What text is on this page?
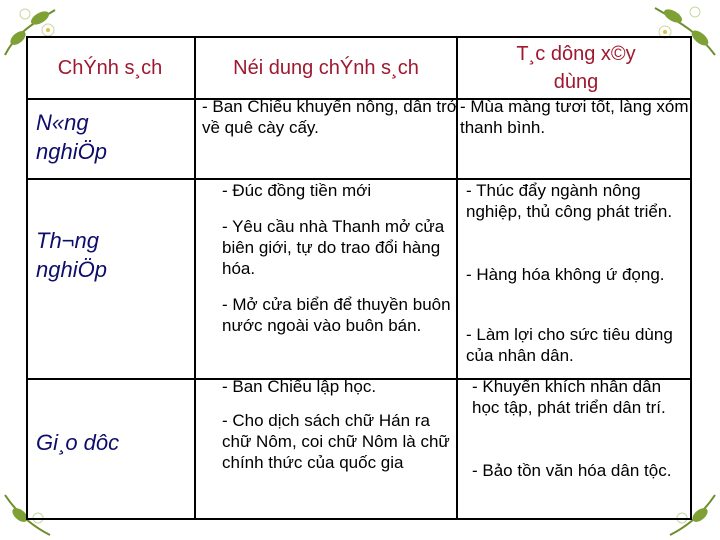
ChÝnh s¸ch	Néi dung chÝnh s¸ch
T¸c dông x©y dùng
N«ng nghiÖp
- Ban Chiếu khuyến nông, dân trở về quê cày cấy.
- Mùa màng tươi tốt, làng xóm thanh bình.
Th¬ng nghiÖp
- Đúc đồng tiền mới
- Yêu cầu nhà Thanh mở cửa biên giới, tự do trao đổi hàng hóa.
- Mở cửa biển để thuyền buôn nước ngoài vào buôn bán.
- Thúc đẩy ngành nông nghiệp, thủ công phát triển.
- Hàng hóa không ứ đọng.
- Làm lợi cho sức tiêu dùng của nhân dân.
Gi¸o dôc
- Ban Chiếu lập học.
- Cho dịch sách chữ Hán ra chữ Nôm, coi chữ Nôm là chữ chính thức của quốc gia
- Khuyến khích nhân dân học tập, phát triển dân trí.
- Bảo tồn văn hóa dân tộc.
